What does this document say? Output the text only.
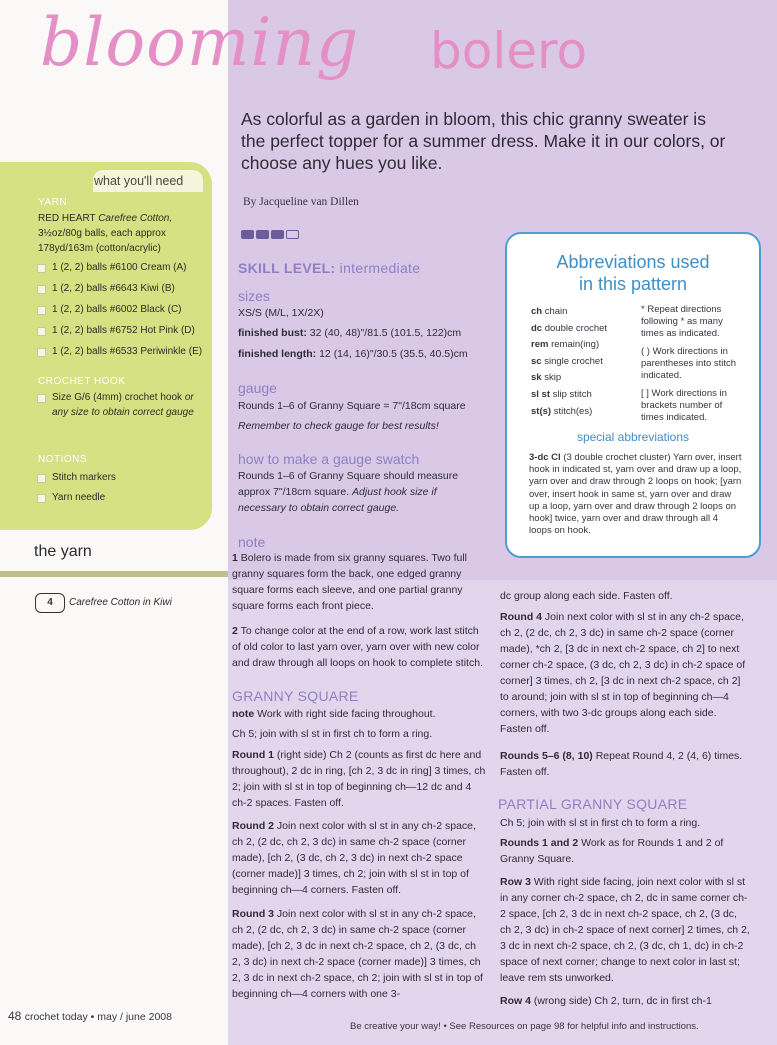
blooming bolero
As colorful as a garden in bloom, this chic granny sweater is the perfect topper for a summer dress. Make it in our colors, or choose any hues you like.
By Jacqueline van Dillen
SKILL LEVEL: intermediate
sizes
XS/S (M/L, 1X/2X)
finished bust: 32 (40, 48)"/81.5 (101.5, 122)cm
finished length: 12 (14, 16)"/30.5 (35.5, 40.5)cm
gauge
Rounds 1–6 of Granny Square = 7"/18cm square
Remember to check gauge for best results!
how to make a gauge swatch
Rounds 1–6 of Granny Square should measure approx 7"/18cm square. Adjust hook size if necessary to obtain correct gauge.
note
1 Bolero is made from six granny squares. Two full granny squares form the back, one edged granny square forms each sleeve, and one partial granny square forms each front piece.
2 To change color at the end of a row, work last stitch of old color to last yarn over, yarn over with new color and draw through all loops on hook to complete stitch.
GRANNY SQUARE
note Work with right side facing throughout.
Ch 5; join with sl st in first ch to form a ring.
Round 1 (right side) Ch 2 (counts as first dc here and throughout), 2 dc in ring, [ch 2, 3 dc in ring] 3 times, ch 2; join with sl st in top of beginning ch—12 dc and 4 ch-2 spaces. Fasten off.
Round 2 Join next color with sl st in any ch-2 space, ch 2, (2 dc, ch 2, 3 dc) in same ch-2 space (corner made), [ch 2, (3 dc, ch 2, 3 dc) in next ch-2 space (corner made)] 3 times, ch 2; join with sl st in top of beginning ch—4 corners. Fasten off.
Round 3 Join next color with sl st in any ch-2 space, ch 2, (2 dc, ch 2, 3 dc) in same ch-2 space (corner made), [ch 2, 3 dc in next ch-2 space, ch 2, (3 dc, ch 2, 3 dc) in next ch-2 space (corner made)] 3 times, ch 2, 3 dc in next ch-2 space, ch 2; join with sl st in top of beginning ch—4 corners with one 3-
dc group along each side. Fasten off.
Round 4 Join next color with sl st in any ch-2 space, ch 2, (2 dc, ch 2, 3 dc) in same ch-2 space (corner made), *ch 2, [3 dc in next ch-2 space, ch 2] to next corner ch-2 space, (3 dc, ch 2, 3 dc) in ch-2 space of corner] 3 times, ch 2, [3 dc in next ch-2 space, ch 2] to around; join with sl st in top of beginning ch—4 corners, with two 3-dc groups along each side. Fasten off.
Rounds 5–6 (8, 10) Repeat Round 4, 2 (4, 6) times. Fasten off.
PARTIAL GRANNY SQUARE
Ch 5; join with sl st in first ch to form a ring.
Rounds 1 and 2 Work as for Rounds 1 and 2 of Granny Square.
Row 3 With right side facing, join next color with sl st in any corner ch-2 space, ch 2, dc in same corner ch-2 space, [ch 2, 3 dc in next ch-2 space, ch 2, (3 dc, ch 2, 3 dc) in ch-2 space of next corner] 2 times, ch 2, 3 dc in next ch-2 space, ch 2, (3 dc, ch 1, dc) in ch-2 space of next corner; change to next color in last st; leave rem sts unworked.
Row 4 (wrong side) Ch 2, turn, dc in first ch-1
Abbreviations used
in this pattern
ch chain
dc double crochet
rem remain(ing)
sc single crochet
sk skip
sl st slip stitch
st(s) stitch(es)
* Repeat directions following * as many times as indicated.
( ) Work directions in parentheses into stitch indicated.
[ ] Work directions in brackets number of times indicated.
special abbreviations
3-dc Cl (3 double crochet cluster) Yarn over, insert hook in indicated st, yarn over and draw up a loop, yarn over and draw through 2 loops on hook; [yarn over, insert hook in same st, yarn over and draw up a loop, yarn over and draw through 2 loops on hook] twice, yarn over and draw through all 4 loops on hook.
what you'll need
YARN
RED HEART Carefree Cotton,
3½oz/80g balls, each approx 178yd/163m (cotton/acrylic)
1 (2, 2) balls #6100 Cream (A)
1 (2, 2) balls #6643 Kiwi (B)
1 (2, 2) balls #6002 Black (C)
1 (2, 2) balls #6752 Hot Pink (D)
1 (2, 2) balls #6533 Periwinkle (E)
CROCHET HOOK
Size G/6 (4mm) crochet hook or any size to obtain correct gauge
NOTIONS
Stitch markers
Yarn needle
the yarn
4	Carefree Cotton in Kiwi
48 crochet today • may / june 2008
Be creative your way! • See Resources on page 98 for helpful info and instructions.
